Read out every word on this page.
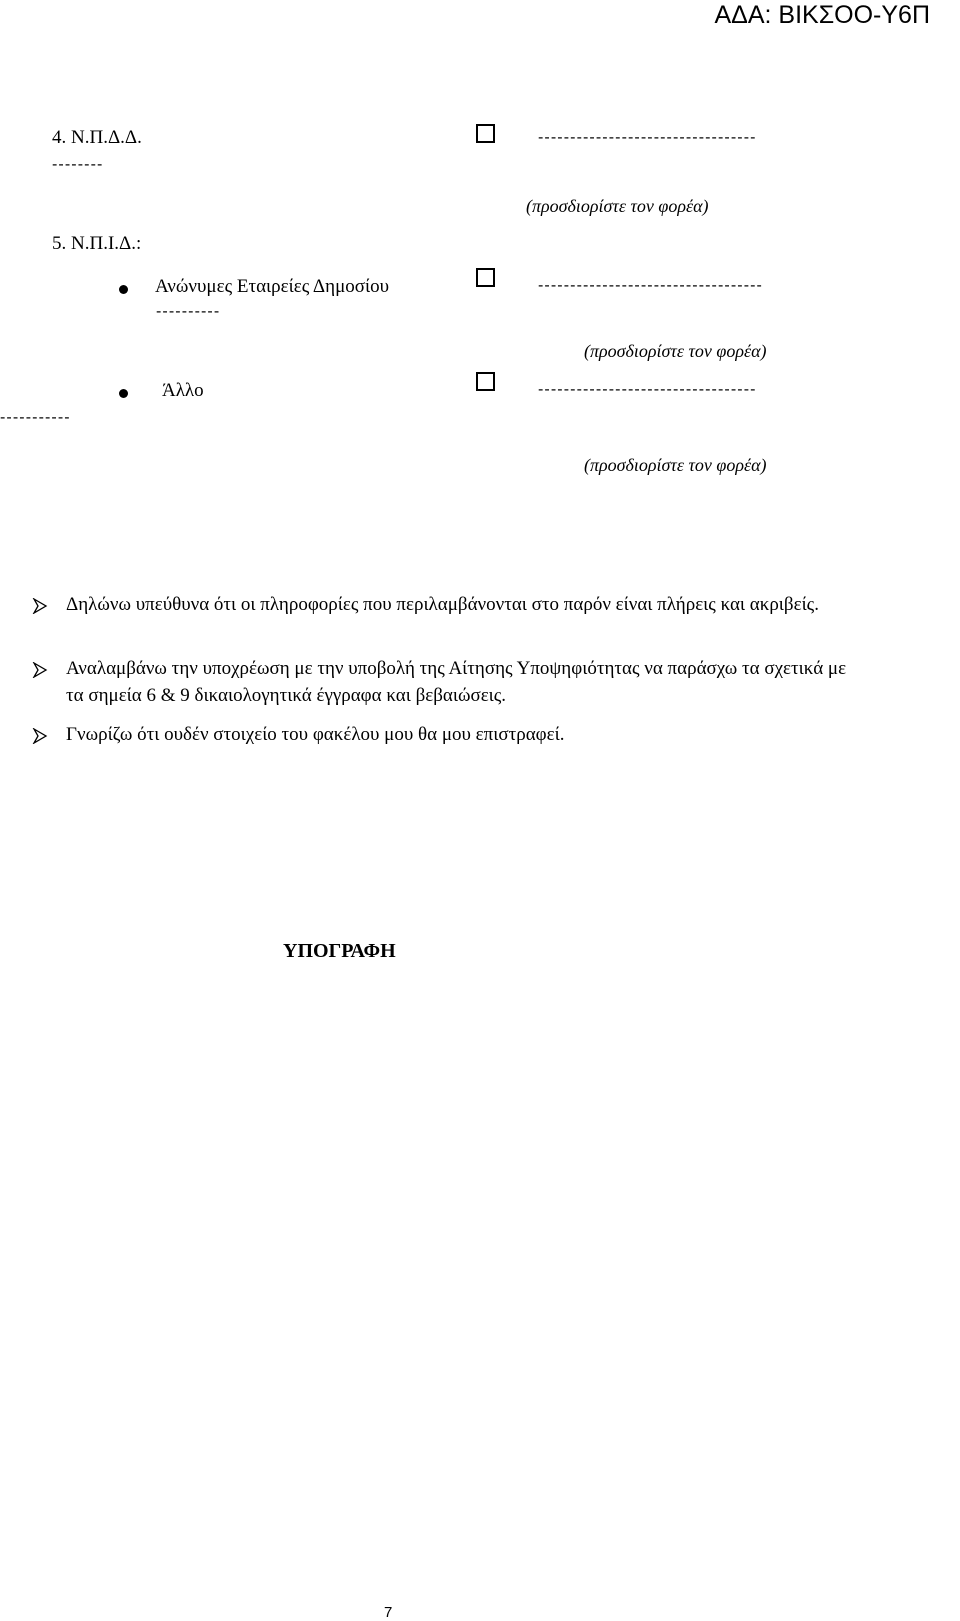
ΑΔΑ: ΒΙΚΣΟΟ-Υ6Π
4. Ν.Π.Δ.Δ.	----------------------------------
--------
(προσδιορίστε τον φορέα)
5. Ν.Π.Ι.Δ.:
Ανώνυμες Εταιρείες Δημοσίου	-----------------------------------
----------
(προσδιορίστε τον φορέα)
Άλλο	----------------------------------
-----------
(προσδιορίστε τον φορέα)
Δηλώνω υπεύθυνα ότι οι πληροφορίες που περιλαμβάνονται στο παρόν είναι πλήρεις και ακριβείς.
Αναλαμβάνω την υποχρέωση με την υποβολή της Αίτησης Υποψηφιότητας να παράσχω τα σχετικά με τα σημεία 6 & 9 δικαιολογητικά έγγραφα και βεβαιώσεις.
Γνωρίζω ότι ουδέν στοιχείο του φακέλου μου θα μου επιστραφεί.
ΥΠΟΓΡΑΦΗ
7
